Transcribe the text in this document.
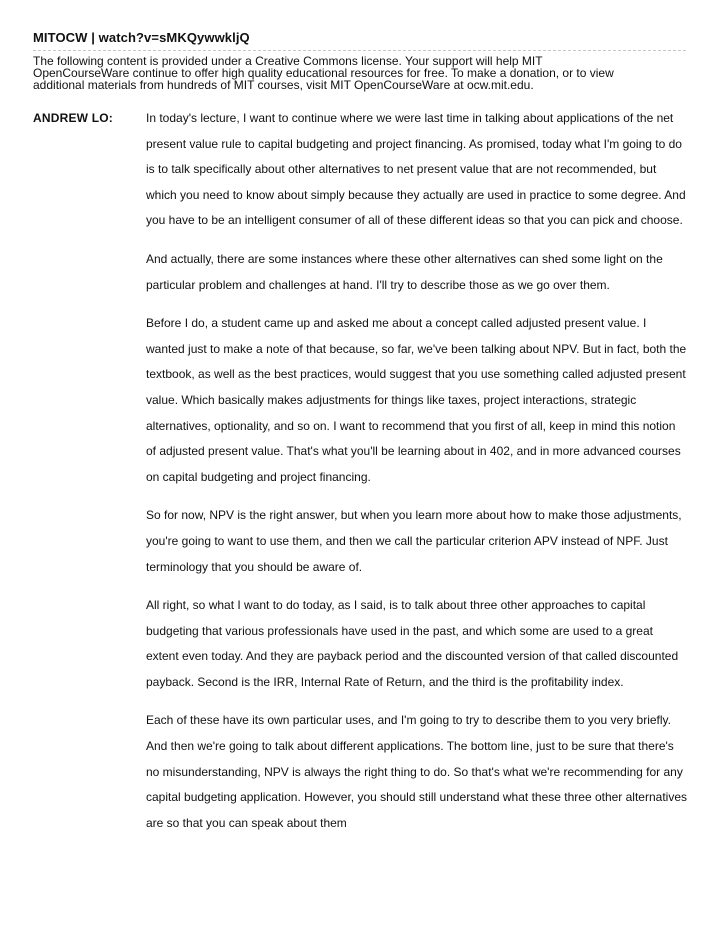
MITOCW | watch?v=sMKQywwkljQ
The following content is provided under a Creative Commons license. Your support will help MIT
OpenCourseWare continue to offer high quality educational resources for free. To make a donation, or to view
additional materials from hundreds of MIT courses, visit MIT OpenCourseWare at ocw.mit.edu.
ANDREW LO:	In today's lecture, I want to continue where we were last time in talking about applications of the net present value rule to capital budgeting and project financing. As promised, today what I'm going to do is to talk specifically about other alternatives to net present value that are not recommended, but which you need to know about simply because they actually are used in practice to some degree. And you have to be an intelligent consumer of all of these different ideas so that you can pick and choose.

And actually, there are some instances where these other alternatives can shed some light on the particular problem and challenges at hand. I'll try to describe those as we go over them.

Before I do, a student came up and asked me about a concept called adjusted present value. I wanted just to make a note of that because, so far, we've been talking about NPV. But in fact, both the textbook, as well as the best practices, would suggest that you use something called adjusted present value. Which basically makes adjustments for things like taxes, project interactions, strategic alternatives, optionality, and so on. I want to recommend that you first of all, keep in mind this notion of adjusted present value. That's what you'll be learning about in 402, and in more advanced courses on capital budgeting and project financing.

So for now, NPV is the right answer, but when you learn more about how to make those adjustments, you're going to want to use them, and then we call the particular criterion APV instead of NPF. Just terminology that you should be aware of.

All right, so what I want to do today, as I said, is to talk about three other approaches to capital budgeting that various professionals have used in the past, and which some are used to a great extent even today. And they are payback period and the discounted version of that called discounted payback. Second is the IRR, Internal Rate of Return, and the third is the profitability index.

Each of these have its own particular uses, and I'm going to try to describe them to you very briefly. And then we're going to talk about different applications. The bottom line, just to be sure that there's no misunderstanding, NPV is always the right thing to do. So that's what we're recommending for any capital budgeting application. However, you should still understand what these three other alternatives are so that you can speak about them
